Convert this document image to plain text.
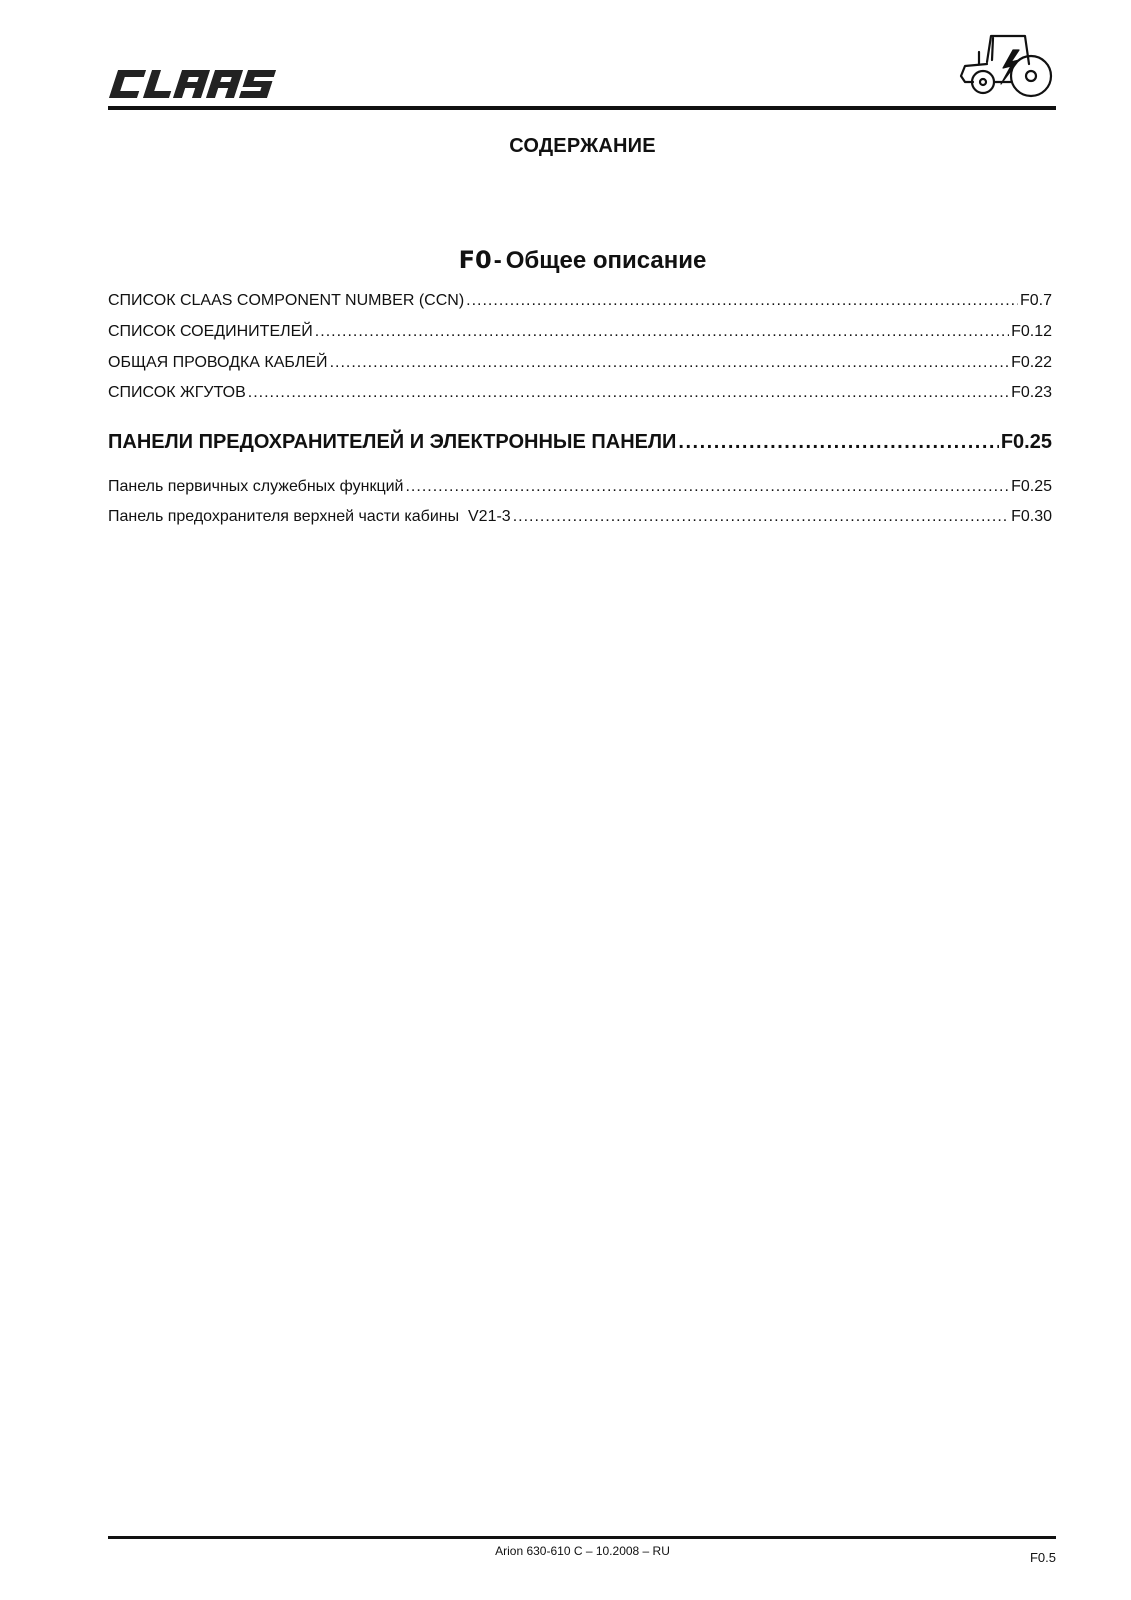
СОДЕРЖАНИЕ
F0- Общее описание
СПИСОК CLAAS COMPONENT NUMBER (CCN) .....	F0.7
СПИСОК СОЕДИНИТЕЛЕЙ .....	F0.12
ОБЩАЯ ПРОВОДКА КАБЛЕЙ .....	F0.22
СПИСОК ЖГУТОВ .....	F0.23
ПАНЕЛИ ПРЕДОХРАНИТЕЛЕЙ И ЭЛЕКТРОННЫЕ ПАНЕЛИ .....	F0.25
Панель первичных служебных функций .....	F0.25
Панель предохранителя верхней части кабины  V21-3 .....	F0.30
Arion 630-610 C – 10.2008 – RU	F0.5
